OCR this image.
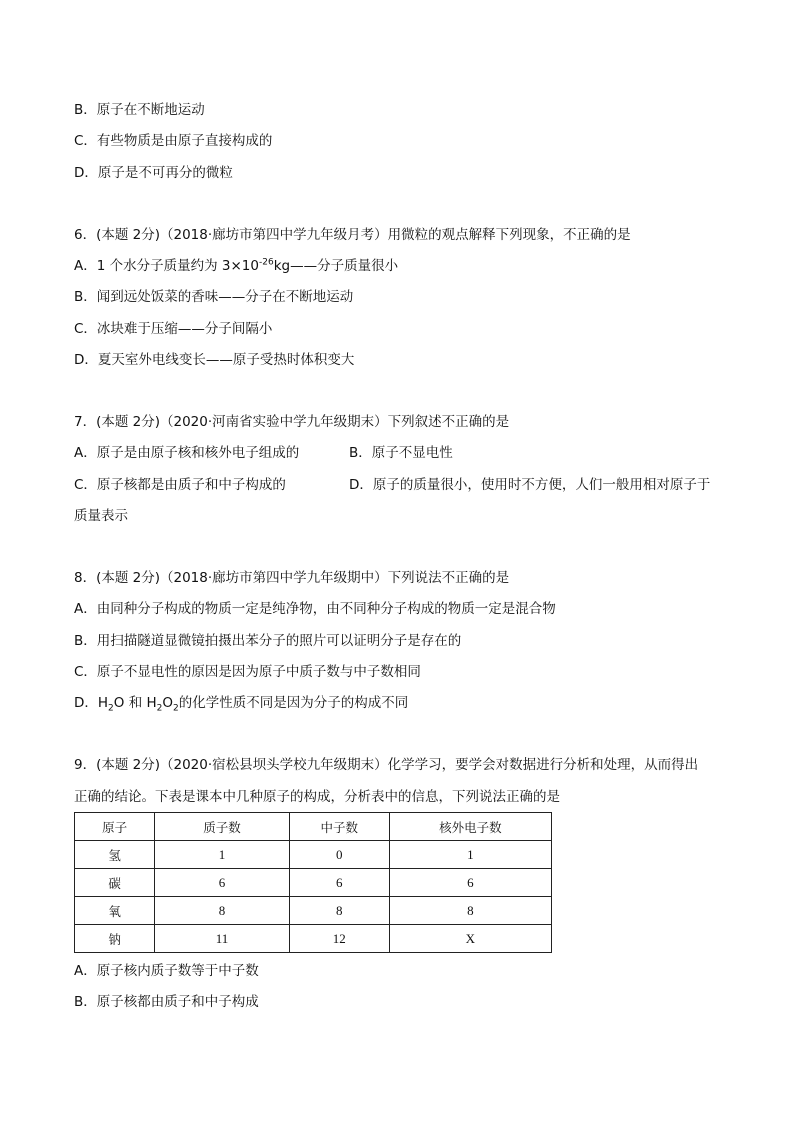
B．原子在不断地运动
C．有些物质是由原子直接构成的
D．原子是不可再分的微粒
6．(本题 2分)（2018·廊坊市第四中学九年级月考）用微粒的观点解释下列现象，不正确的是
A．1 个水分子质量约为 $3\times 10^{-26}kg——$分子质量很小
B．闻到远处饭菜的香味——分子在不断地运动
C．冰块难于压缩——分子间隔小
D．夏天室外电线变长——原子受热时体积变大
7．(本题 2分)（2020·河南省实验中学九年级期末）下列叙述不正确的是
A．原子是由原子核和核外电子组成的	B．原子不显电性
C．原子核都是由质子和中子构成的	D．原子的质量很小，使用时不方便，人们一般用相对原子于
质量表示
8．(本题 2分)（2018·廊坊市第四中学九年级期中）下列说法不正确的是
A．由同种分子构成的物质一定是纯净物，由不同种分子构成的物质一定是混合物
B．用扫描隧道显微镜拍摄出苯分子的照片可以证明分子是存在的
C．原子不显电性的原因是因为原子中质子数与中子数相同
D．$H_2O$ 和 $H_2O_2$的化学性质不同是因为分子的构成不同
9．(本题 2分)（2020·宿松县坝头学校九年级期末）化学学习，要学会对数据进行分析和处理，从而得出
正确的结论。下表是课本中几种原子的构成，分析表中的信息，下列说法正确的是
原子	质子数	中子数	核外电子数
氢	1	0	1
碳	6	6	6
氧	8	8	8
钠	11	12	X
A．原子核内质子数等于中子数
B．原子核都由质子和中子构成
